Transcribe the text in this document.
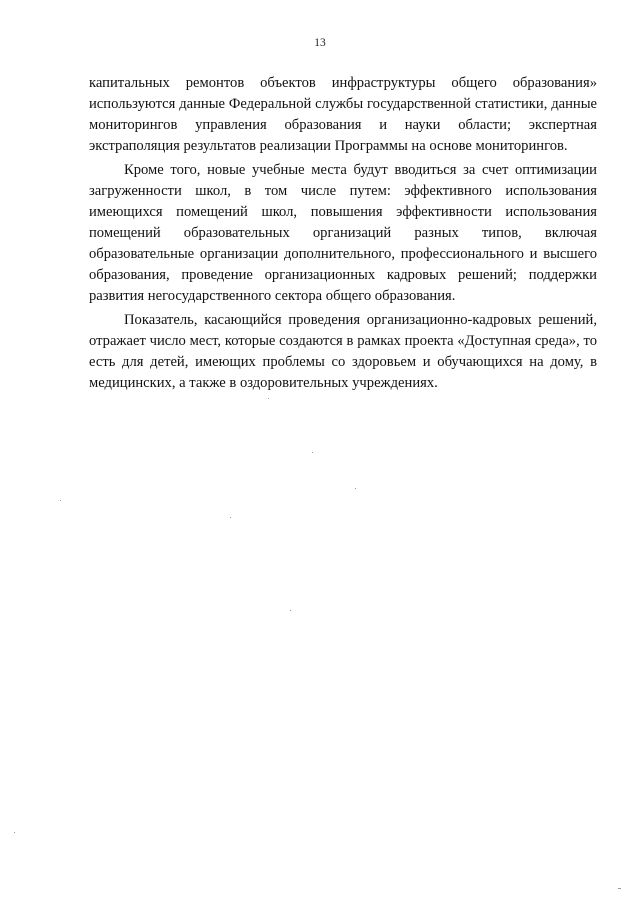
13

капитальных ремонтов объектов инфраструктуры общего образования» используются данные Федеральной службы государственной статистики, данные мониторингов управления образования и науки области; экспертная экстраполяция результатов реализации Программы на основе мониторингов.

Кроме того, новые учебные места будут вводиться за счет оптимизации загруженности школ, в том числе путем: эффективного использования имеющихся помещений школ, повышения эффективности использования помещений образовательных организаций разных типов, включая образовательные организации дополнительного, профессионального и высшего образования, проведение организационных кадровых решений; поддержки развития негосударственного сектора общего образования.

Показатель, касающийся проведения организационно-кадровых решений, отражает число мест, которые создаются в рамках проекта «Доступная среда», то есть для детей, имеющих проблемы со здоровьем и обучающихся на дому, в медицинских, а также в оздоровительных учреждениях.
